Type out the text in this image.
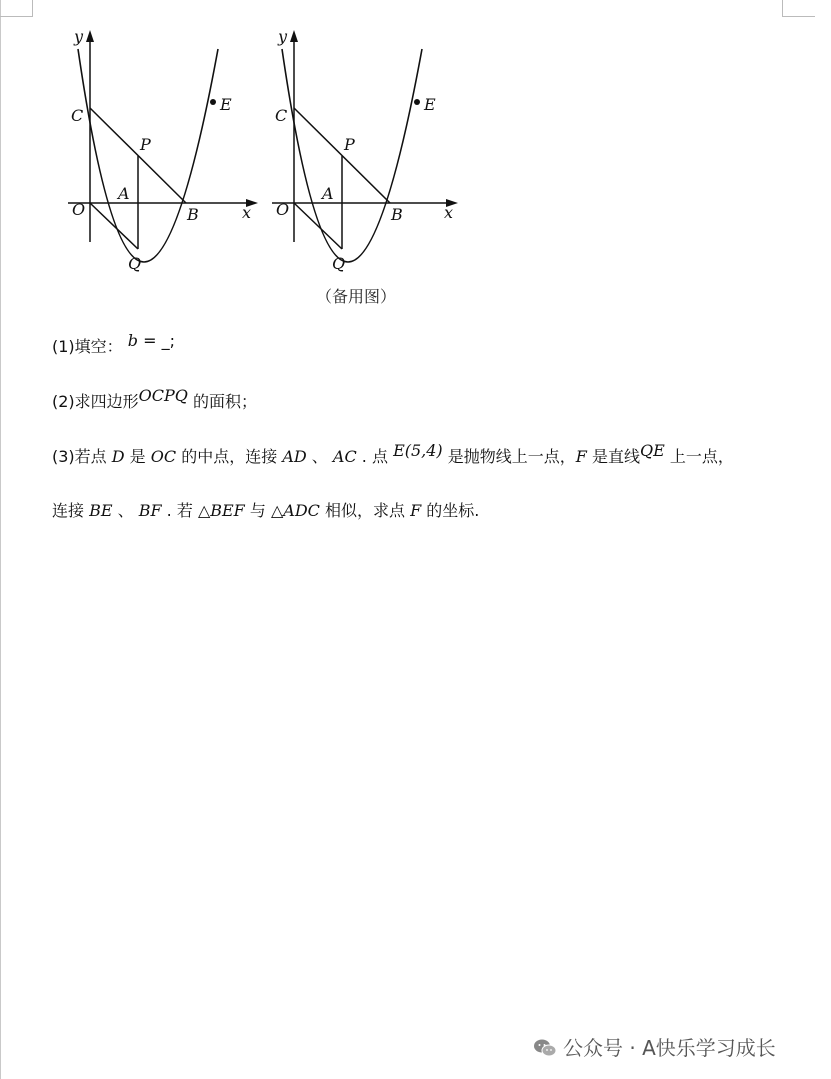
y
x
O
C
P
A
B
Q
E
y
x
O
C
P
A
B
Q
E
（备用图）
(1)填空： b = _;
(2)求四边形OCPQ 的面积；
(3)若点 D 是 OC 的中点，连接 AD 、 AC . 点 E(5,4) 是抛物线上一点，F 是直线QE 上一点，
连接 BE 、 BF . 若 △BEF 与 △ADC 相似，求点 F 的坐标.
公众号 · A快乐学习成长
